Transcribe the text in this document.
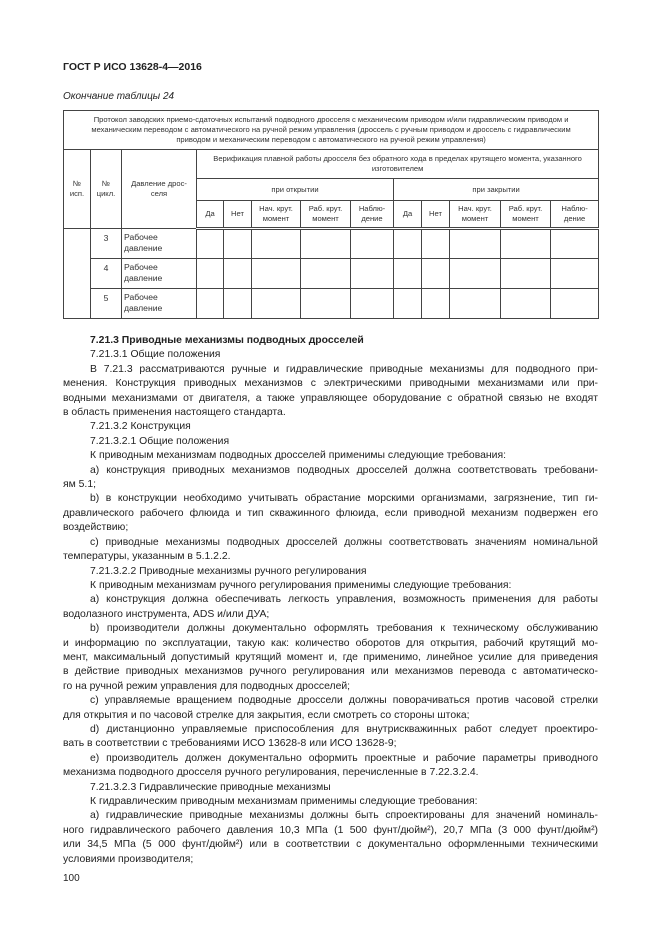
ГОСТ Р ИСО 13628-4—2016
Окончание таблицы 24
Протокол заводских приемо-сдаточных испытаний подводного дросселя с механическим приводом и/или гидравлическим приводом и механическим переводом с автоматического на ручной режим управления (дроссель с ручным приводом и дроссель с гидравлическим приводом и механическим переводом с автоматического на ручной режим управления)												
№ исп.	№ цикл.	Давление дрос-селя	Верификация плавной работы дросселя без обратного хода в пределах крутящего момента, указанного изготовителем									
			при открытии					при закрытии				
			Да	Нет	Нач. крут. момент	Раб. крут. момент	Наблю-дение	Да	Нет	Нач. крут. момент	Раб. крут. момент	Наблю-дение
	3	Рабочее давление										
	4	Рабочее давление										
	5	Рабочее давление										
7.21.3 Приводные механизмы подводных дросселей
7.21.3.1 Общие положения
В 7.21.3 рассматриваются ручные и гидравлические приводные механизмы для подводного при-
менения. Конструкция приводных механизмов с электрическими приводными механизмами или при-
водными механизмами от двигателя, а также управляющее оборудование с обратной связью не входят
в область применения настоящего стандарта.
7.21.3.2 Конструкция
7.21.3.2.1 Общие положения
К приводным механизмам подводных дросселей применимы следующие требования:
a) конструкция приводных механизмов подводных дросселей должна соответствовать требовани-
ям 5.1;
b) в конструкции необходимо учитывать обрастание морскими организмами, загрязнение, тип ги-
дравлического рабочего флюида и тип скважинного флюида, если приводной механизм подвержен его
воздействию;
c) приводные механизмы подводных дросселей должны соответствовать значениям номинальной
температуры, указанным в 5.1.2.2.
7.21.3.2.2 Приводные механизмы ручного регулирования
К приводным механизмам ручного регулирования применимы следующие требования:
a) конструкция должна обеспечивать легкость управления, возможность применения для работы
водолазного инструмента, ADS и/или ДУА;
b) производители должны документально оформлять требования к техническому обслуживанию
и информацию по эксплуатации, такую как: количество оборотов для открытия, рабочий крутящий мо-
мент, максимальный допустимый крутящий момент и, где применимо, линейное усилие для приведения
в действие приводных механизмов ручного регулирования или механизмов перевода с автоматическо-
го на ручной режим управления для подводных дросселей;
c) управляемые вращением подводные дроссели должны поворачиваться против часовой стрелки
для открытия и по часовой стрелке для закрытия, если смотреть со стороны штока;
d) дистанционно управляемые приспособления для внутрискважинных работ следует проектиро-
вать в соответствии с требованиями ИСО 13628-8 или ИСО 13628-9;
e) производитель должен документально оформить проектные и рабочие параметры приводного
механизма подводного дросселя ручного регулирования, перечисленные в 7.22.3.2.4.
7.21.3.2.3 Гидравлические приводные механизмы
К гидравлическим приводным механизмам применимы следующие требования:
a) гидравлические приводные механизмы должны быть спроектированы для значений номиналь-
ного гидравлического рабочего давления 10,3 МПа (1 500 фунт/дюйм²), 20,7 МПа (3 000 фунт/дюйм²)
или 34,5 МПа (5 000 фунт/дюйм²) или в соответствии с документально оформленными техническими
условиями производителя;
100
